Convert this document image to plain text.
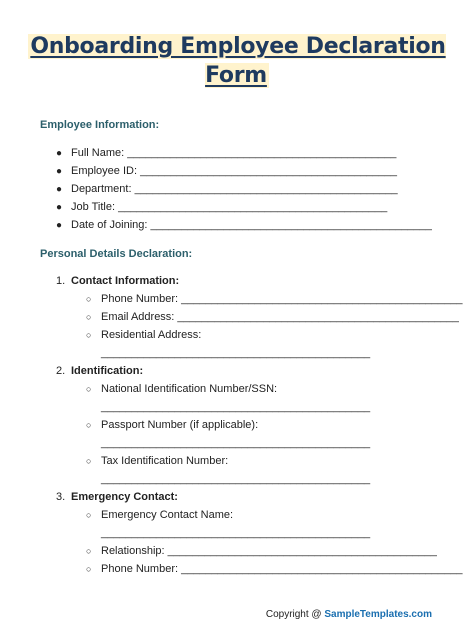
Onboarding Employee Declaration Form
Employee Information:
● Full Name: ____________________________________________
● Employee ID: __________________________________________
● Department: ___________________________________________
● Job Title: ____________________________________________
● Date of Joining: ______________________________________________
Personal Details Declaration:
1. Contact Information:
○ Phone Number: ______________________________________________
○ Email Address: ______________________________________________
○ Residential Address:
____________________________________________
2. Identification:
○ National Identification Number/SSN:
____________________________________________
○ Passport Number (if applicable):
____________________________________________
○ Tax Identification Number:
____________________________________________
3. Emergency Contact:
○ Emergency Contact Name:
____________________________________________
○ Relationship: ____________________________________________
○ Phone Number: ______________________________________________
Copyright @ SampleTemplates.com
